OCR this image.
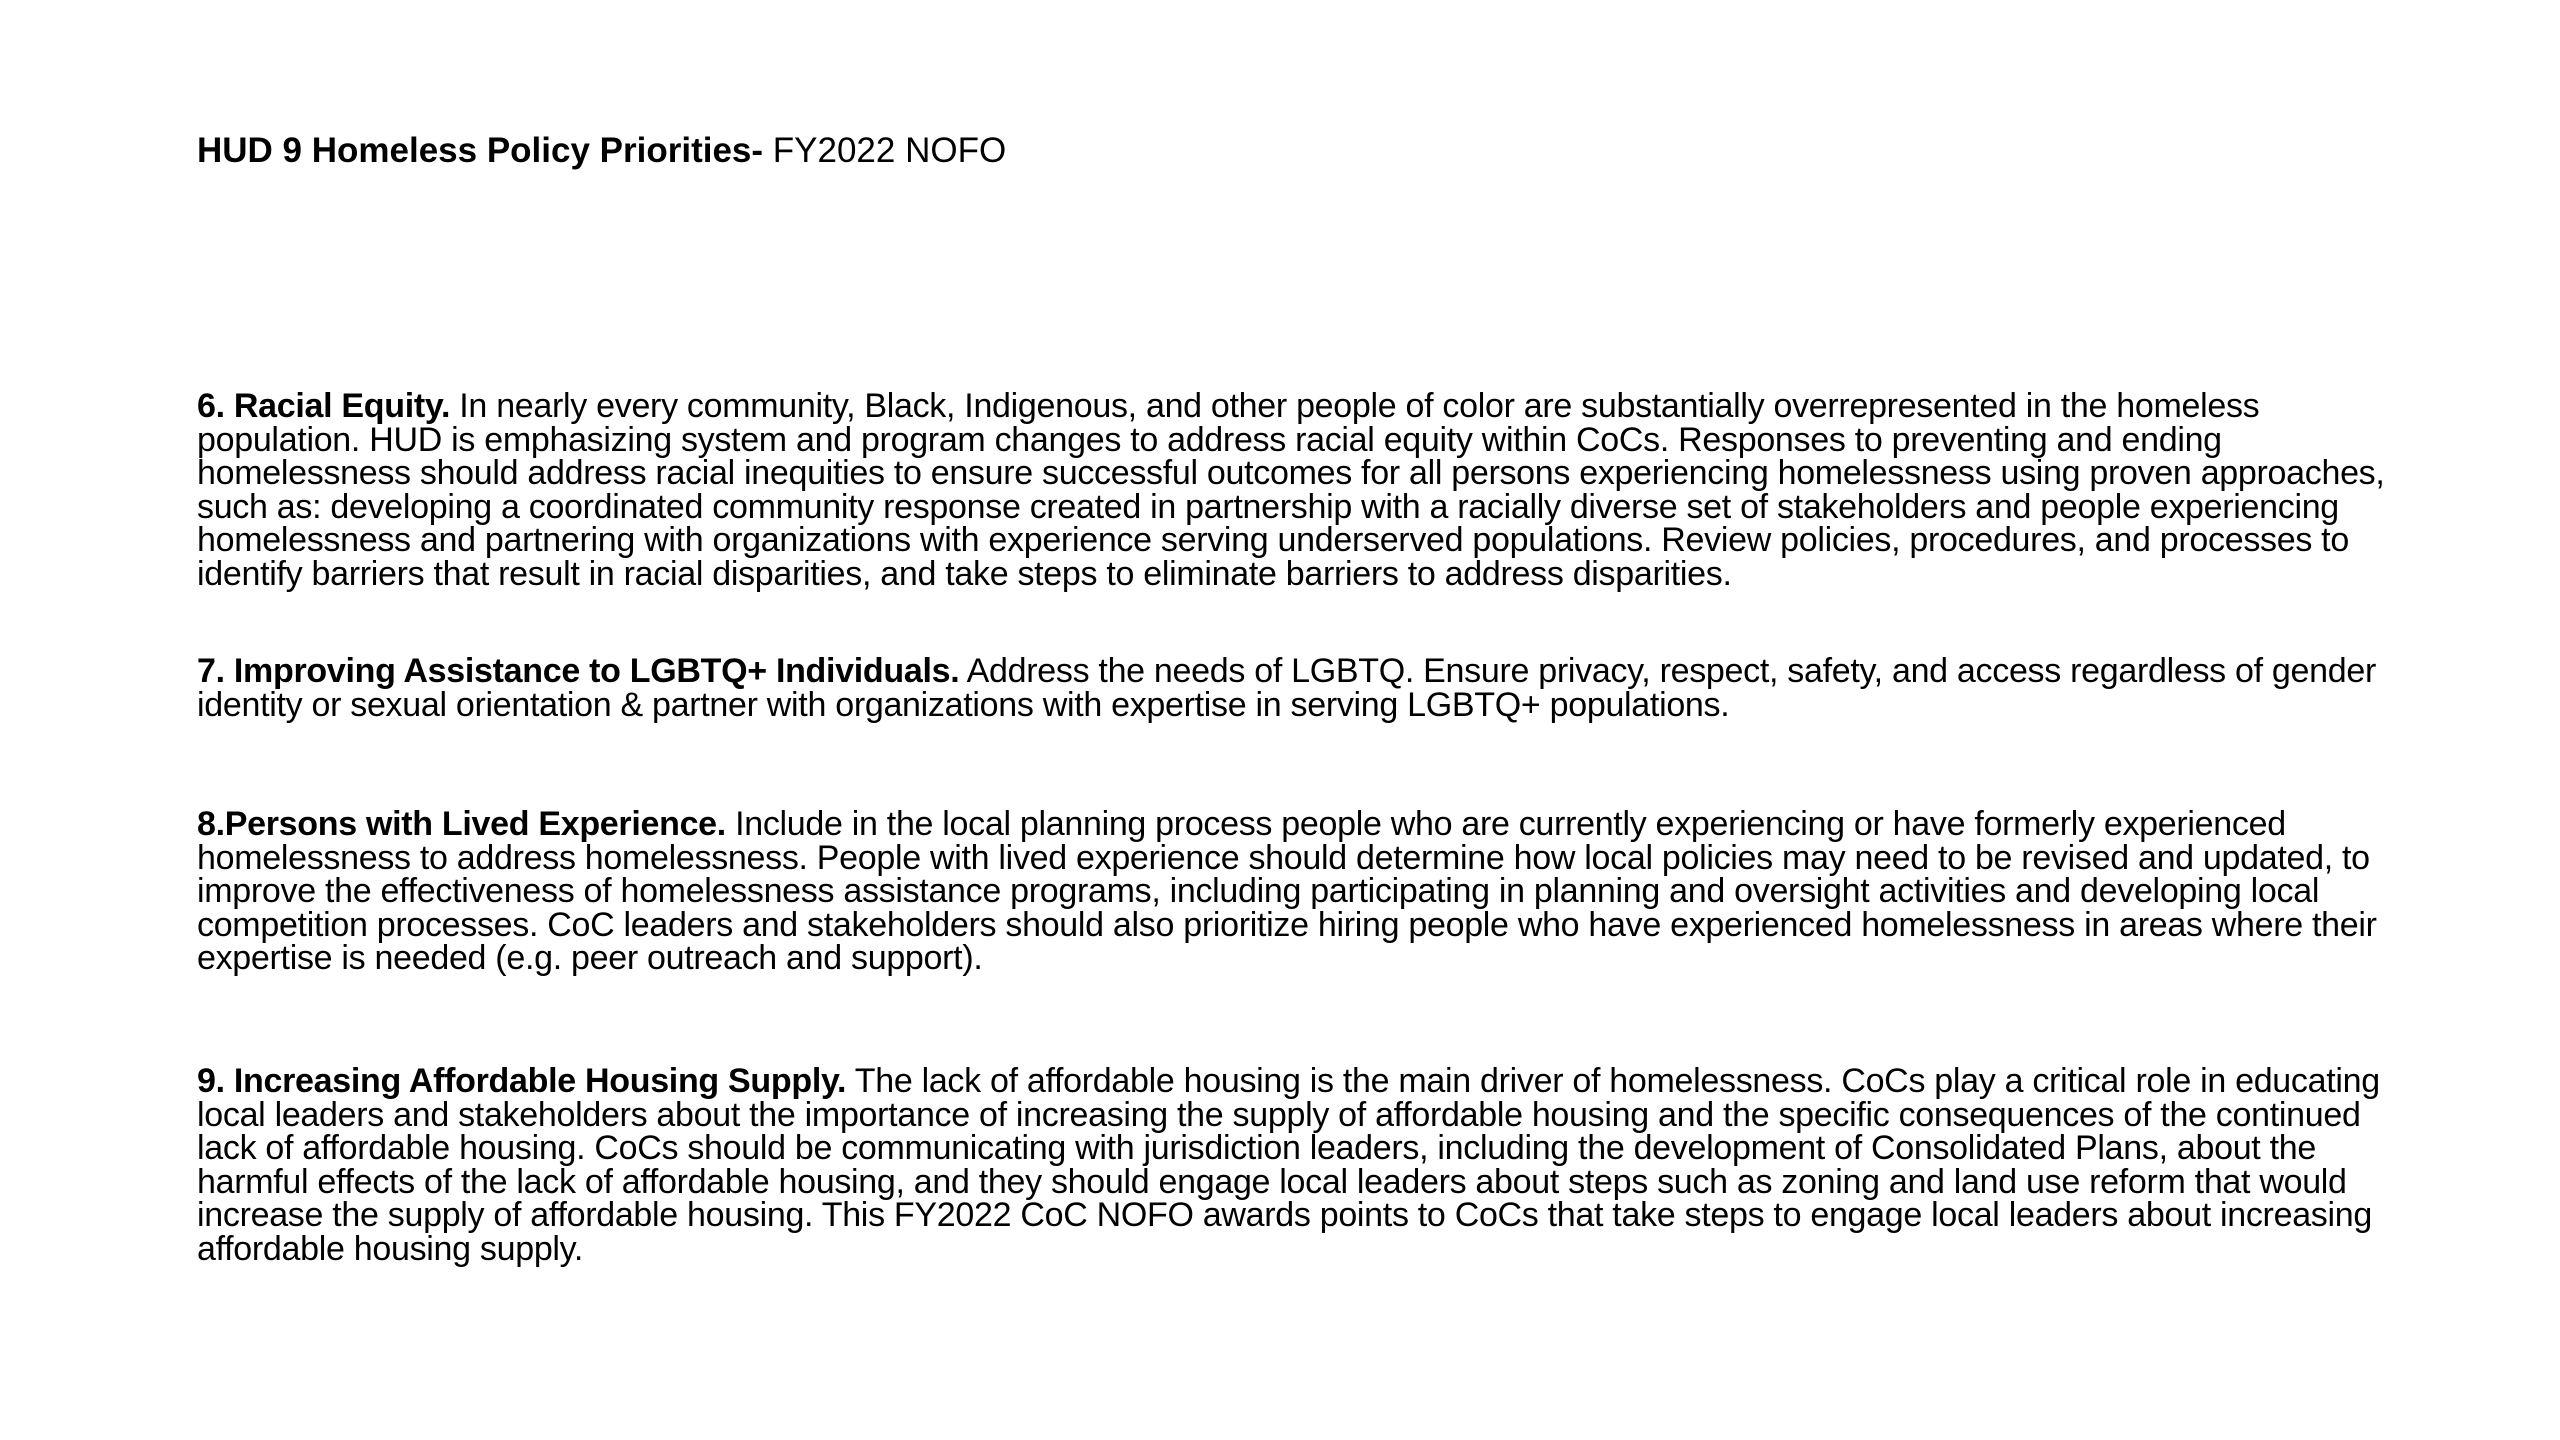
HUD 9 Homeless Policy Priorities- FY2022 NOFO

6. Racial Equity. In nearly every community, Black, Indigenous, and other people of color are substantially overrepresented in the homeless population. HUD is emphasizing system and program changes to address racial equity within CoCs. Responses to preventing and ending homelessness should address racial inequities to ensure successful outcomes for all persons experiencing homelessness using proven approaches, such as: developing a coordinated community response created in partnership with a racially diverse set of stakeholders and people experiencing homelessness and partnering with organizations with experience serving underserved populations. Review policies, procedures, and processes to identify barriers that result in racial disparities, and take steps to eliminate barriers to address disparities.

7. Improving Assistance to LGBTQ+ Individuals. Address the needs of LGBTQ. Ensure privacy, respect, safety, and access regardless of gender identity or sexual orientation & partner with organizations with expertise in serving LGBTQ+ populations.

8.Persons with Lived Experience. Include in the local planning process people who are currently experiencing or have formerly experienced homelessness to address homelessness. People with lived experience should determine how local policies may need to be revised and updated, to improve the effectiveness of homelessness assistance programs, including participating in planning and oversight activities and developing local competition processes. CoC leaders and stakeholders should also prioritize hiring people who have experienced homelessness in areas where their expertise is needed (e.g. peer outreach and support).

9. Increasing Affordable Housing Supply. The lack of affordable housing is the main driver of homelessness. CoCs play a critical role in educating local leaders and stakeholders about the importance of increasing the supply of affordable housing and the specific consequences of the continued lack of affordable housing. CoCs should be communicating with jurisdiction leaders, including the development of Consolidated Plans, about the harmful effects of the lack of affordable housing, and they should engage local leaders about steps such as zoning and land use reform that would increase the supply of affordable housing. This FY2022 CoC NOFO awards points to CoCs that take steps to engage local leaders about increasing affordable housing supply.
